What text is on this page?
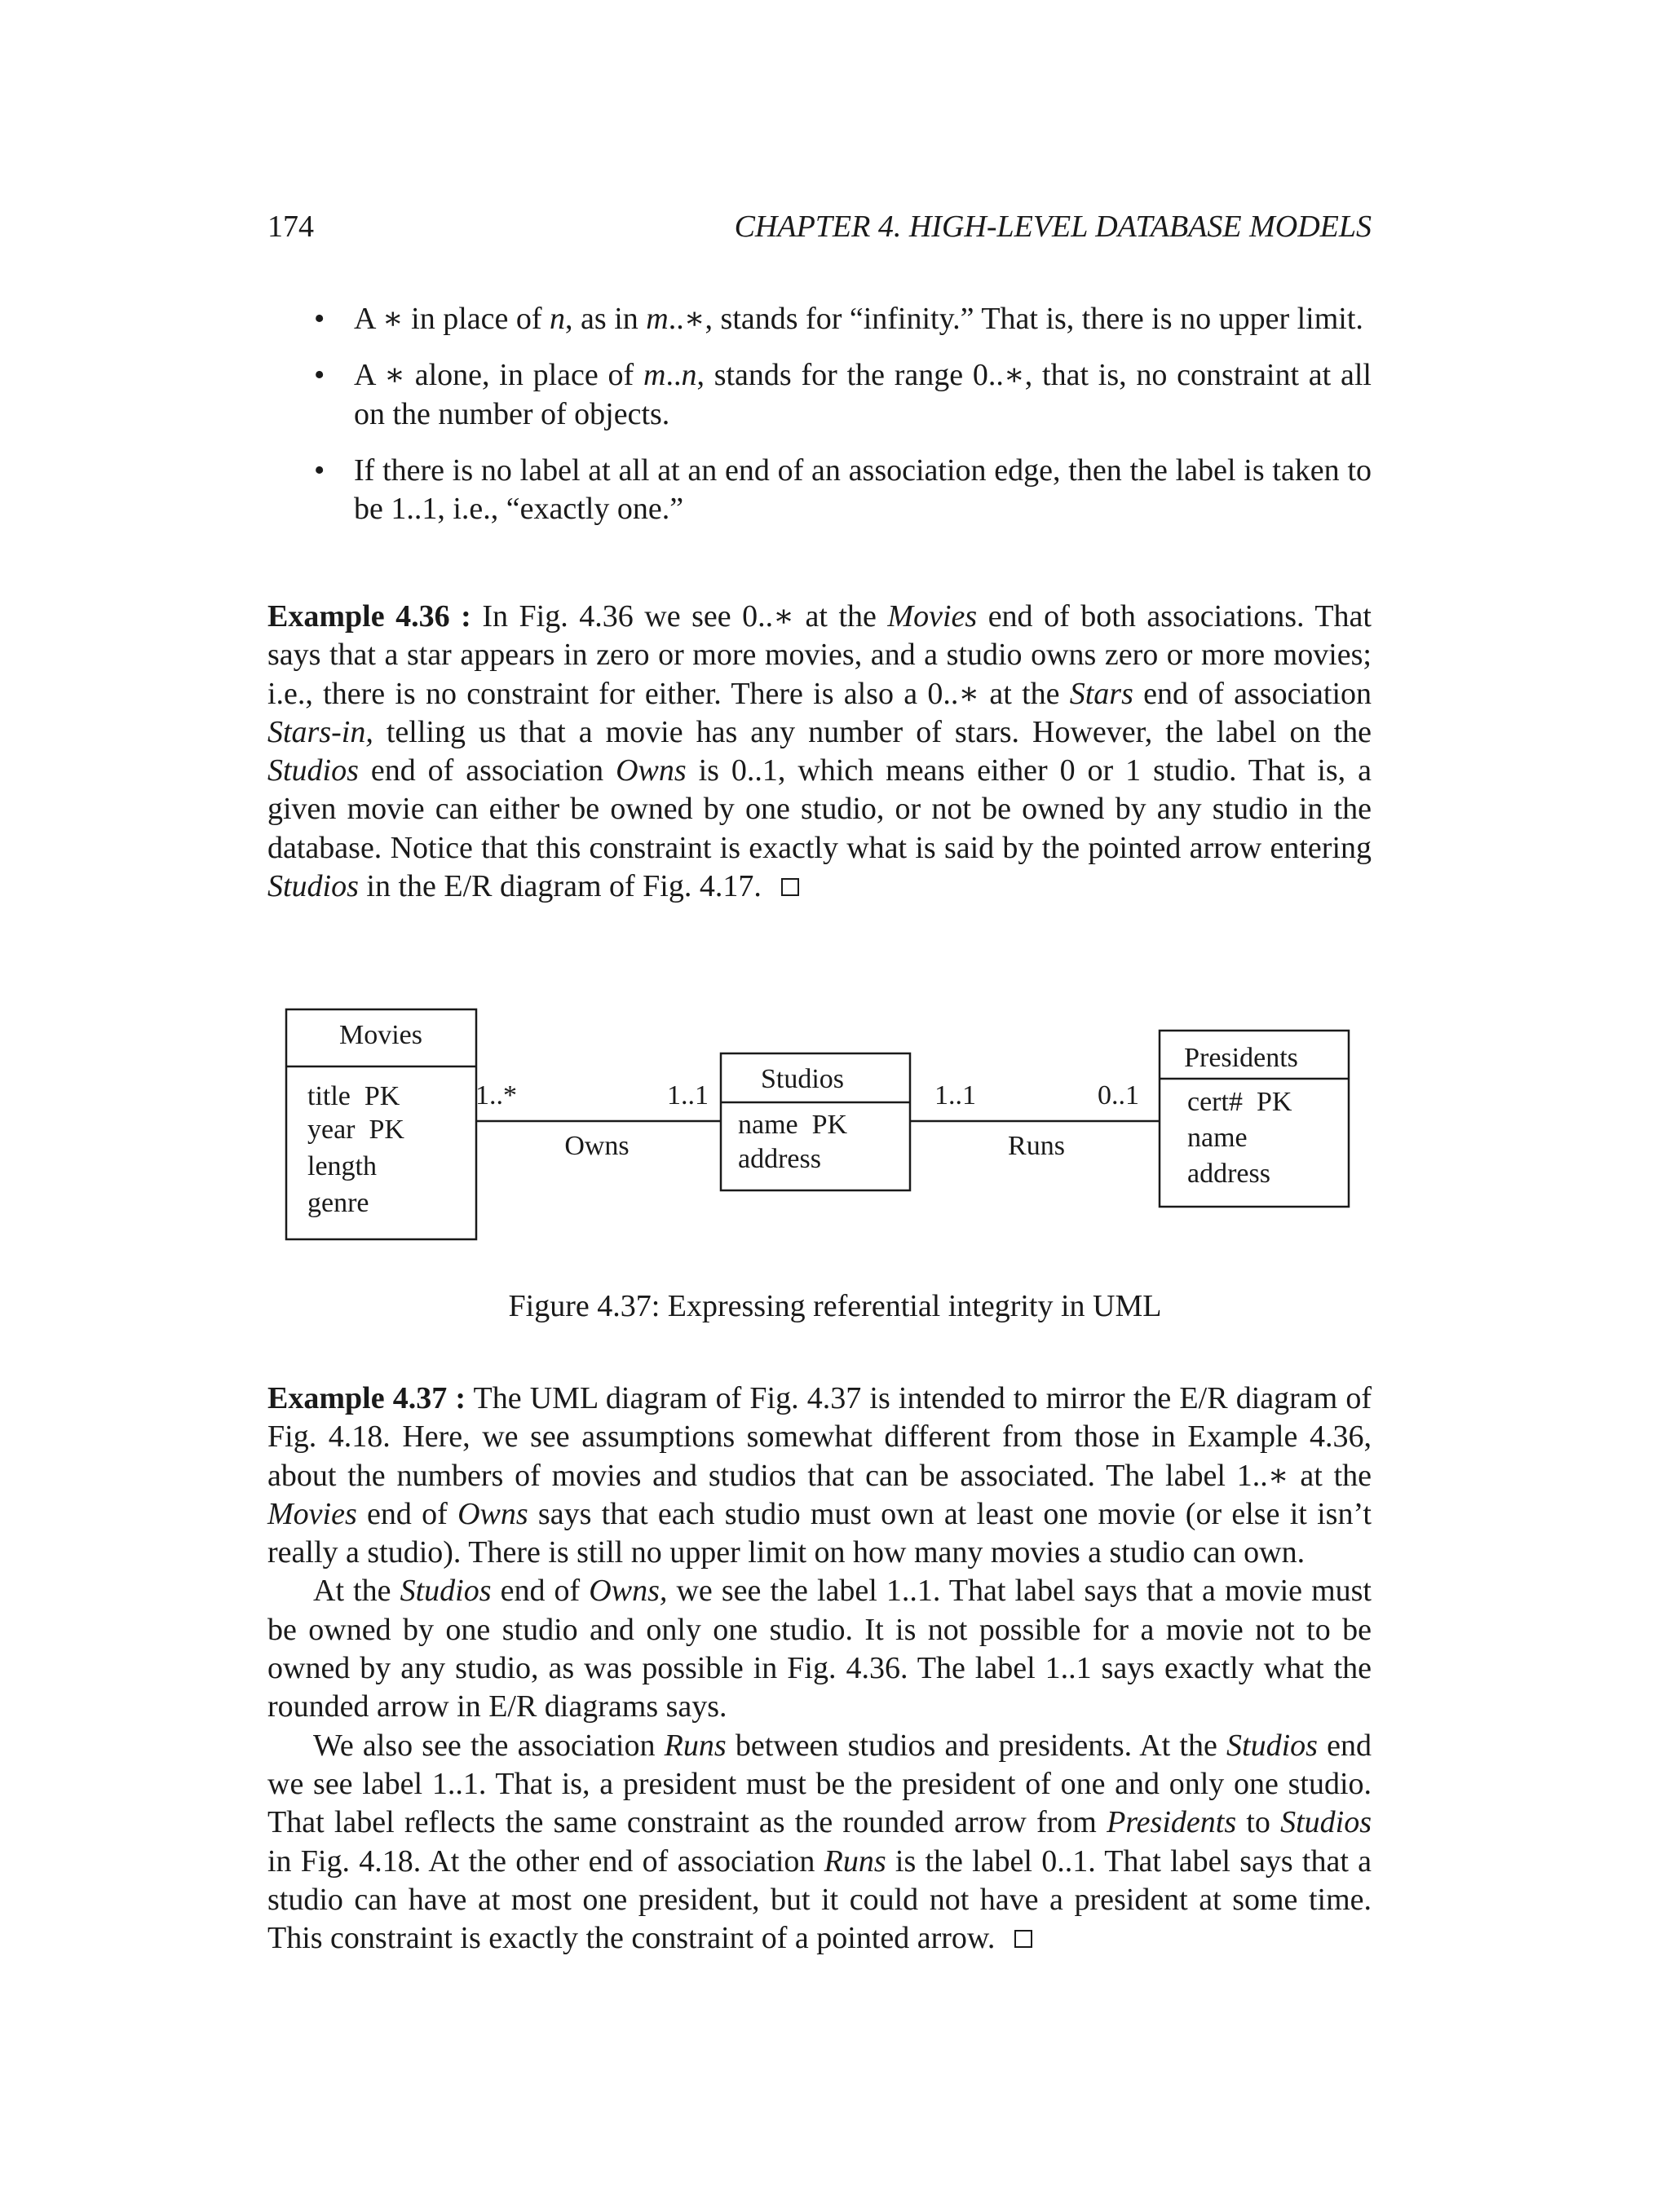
174	CHAPTER 4. HIGH-LEVEL DATABASE MODELS
• A ∗ in place of n, as in m..∗, stands for “infinity.” That is, there is no upper limit.
• A ∗ alone, in place of m..n, stands for the range 0..∗, that is, no constraint at all on the number of objects.
• If there is no label at all at an end of an association edge, then the label is taken to be 1..1, i.e., “exactly one.”

Example 4.36 : In Fig. 4.36 we see 0..∗ at the Movies end of both associations. That says that a star appears in zero or more movies, and a studio owns zero or more movies; i.e., there is no constraint for either. There is also a 0..∗ at the Stars end of association Stars-in, telling us that a movie has any number of stars. However, the label on the Studios end of association Owns is 0..1, which means either 0 or 1 studio. That is, a given movie can either be owned by one studio, or not be owned by any studio in the database. Notice that this constraint is exactly what is said by the pointed arrow entering Studios in the E/R diagram of Fig. 4.17.

Movies
title  PK
year  PK
length
genre
Studios
name  PK
address
Presidents
cert#  PK
name
address
1..*	1..1
Owns
1..1	0..1
Runs
Figure 4.37: Expressing referential integrity in UML

Example 4.37 : The UML diagram of Fig. 4.37 is intended to mirror the E/R diagram of Fig. 4.18. Here, we see assumptions somewhat different from those in Example 4.36, about the numbers of movies and studios that can be associated. The label 1..∗ at the Movies end of Owns says that each studio must own at least one movie (or else it isn’t really a studio). There is still no upper limit on how many movies a studio can own.

At the Studios end of Owns, we see the label 1..1. That label says that a movie must be owned by one studio and only one studio. It is not possible for a movie not to be owned by any studio, as was possible in Fig. 4.36. The label 1..1 says exactly what the rounded arrow in E/R diagrams says.

We also see the association Runs between studios and presidents. At the Studios end we see label 1..1. That is, a president must be the president of one and only one studio. That label reflects the same constraint as the rounded arrow from Presidents to Studios in Fig. 4.18. At the other end of association Runs is the label 0..1. That label says that a studio can have at most one president, but it could not have a president at some time. This constraint is exactly the constraint of a pointed arrow.
